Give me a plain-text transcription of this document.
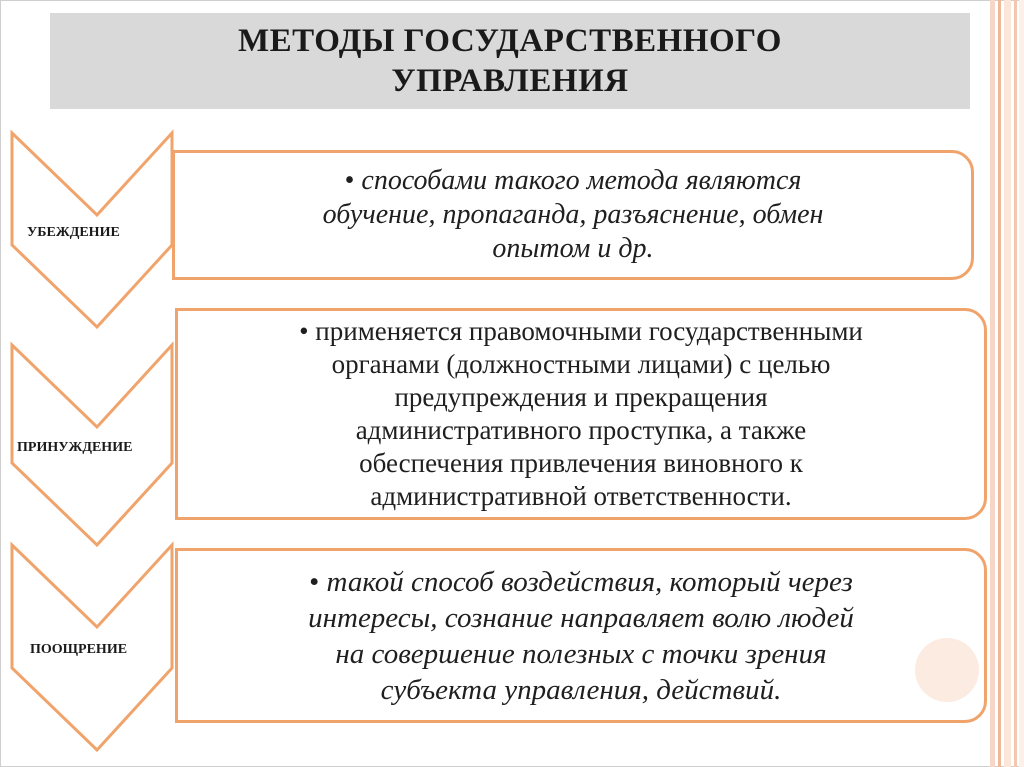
МЕТОДЫ ГОСУДАРСТВЕННОГО
УПРАВЛЕНИЯ
УБЕЖДЕНИЕ
ПРИНУЖДЕНИЕ
ПООЩРЕНИЕ
• способами такого метода являются
обучение, пропаганда, разъяснение, обмен
опытом и др.
• применяется правомочными государственными
органами (должностными лицами) с целью
предупреждения и прекращения
административного проступка, а также
обеспечения привлечения виновного к
административной ответственности.
• такой способ воздействия, который через
интересы, сознание направляет волю людей
на совершение полезных с точки зрения
субъекта управления, действий.
